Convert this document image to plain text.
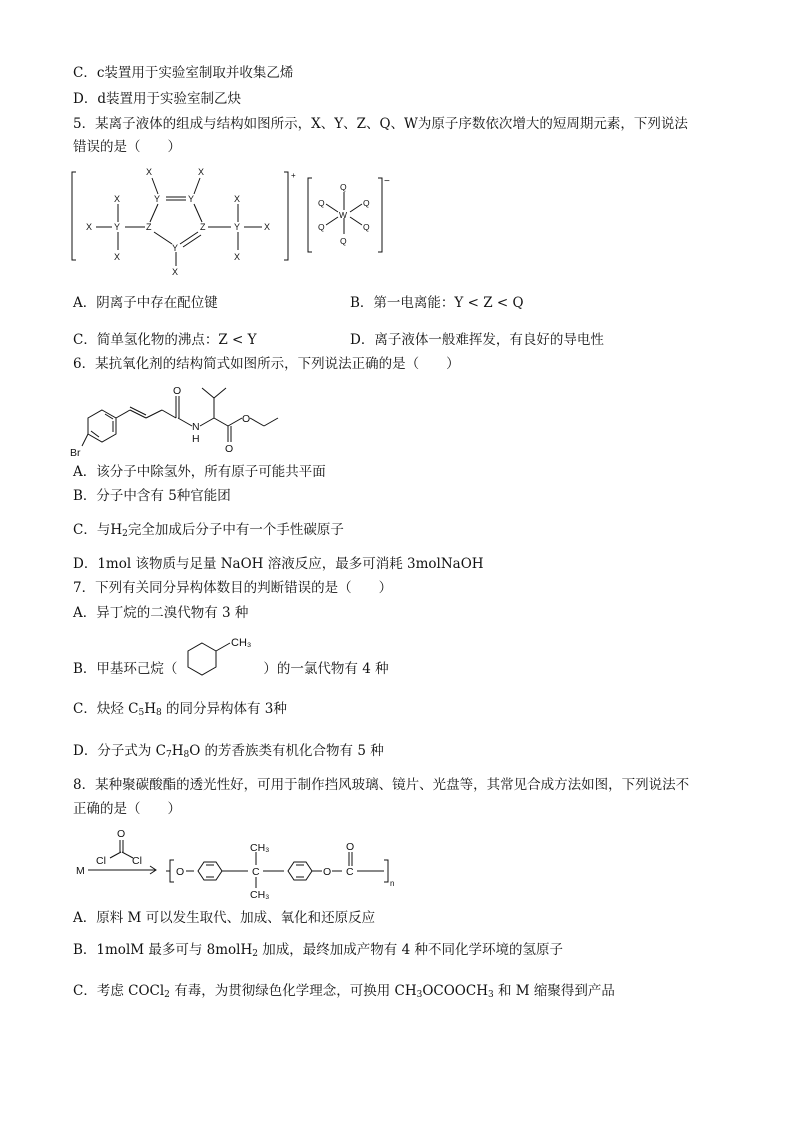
C．c装置用于实验室制取并收集乙烯
D．d装置用于实验室制乙炔
5．某离子液体的组成与结构如图所示，X、Y、Z、Q、W为原子序数依次增大的短周期元素，下列说法
错误的是（　　）
X	X
Y	Y
Z	Z
Y
X
X
Y
X
X
X
Y
X
X
+
Q
Q	Q
W
Q	Q
Q
−
A．阴离子中存在配位键	B．第一电离能：Y < Z < Q
C．简单氢化物的沸点：Z < Y	D．离子液体一般难挥发，有良好的导电性
6．某抗氧化剂的结构简式如图所示，下列说法正确的是（　　）
O
N
H
O
O
Br
A．该分子中除氢外，所有原子可能共平面
B．分子中含有 5种官能团
C．与$H_2$完全加成后分子中有一个手性碳原子
D．1mol 该物质与足量 NaOH 溶液反应，最多可消耗 3molNaOH
7．下列有关同分异构体数目的判断错误的是（　　）
A．异丁烷的二溴代物有 3 种
B．甲基环己烷（	）的一氯代物有 4 种
CH₃
C．炔烃 $C_5H_8$ 的同分异构体有 3种
D．分子式为 $C_7H_8O$ 的芳香族类有机化合物有 5 种
8．某种聚碳酸酯的透光性好，可用于制作挡风玻璃、镜片、光盘等，其常见合成方法如图，下列说法不
正确的是（　　）
M
O
Cl Cl
O	C
CH₃
CH₃
O C
O
n
A．原料 M 可以发生取代、加成、氧化和还原反应
B．1molM 最多可与 8molH$_2$ 加成，最终加成产物有 4 种不同化学环境的氢原子
C．考虑 COCl$_2$ 有毒，为贯彻绿色化学理念，可换用 $CH_3OCOOCH_3$ 和 M 缩聚得到产品
